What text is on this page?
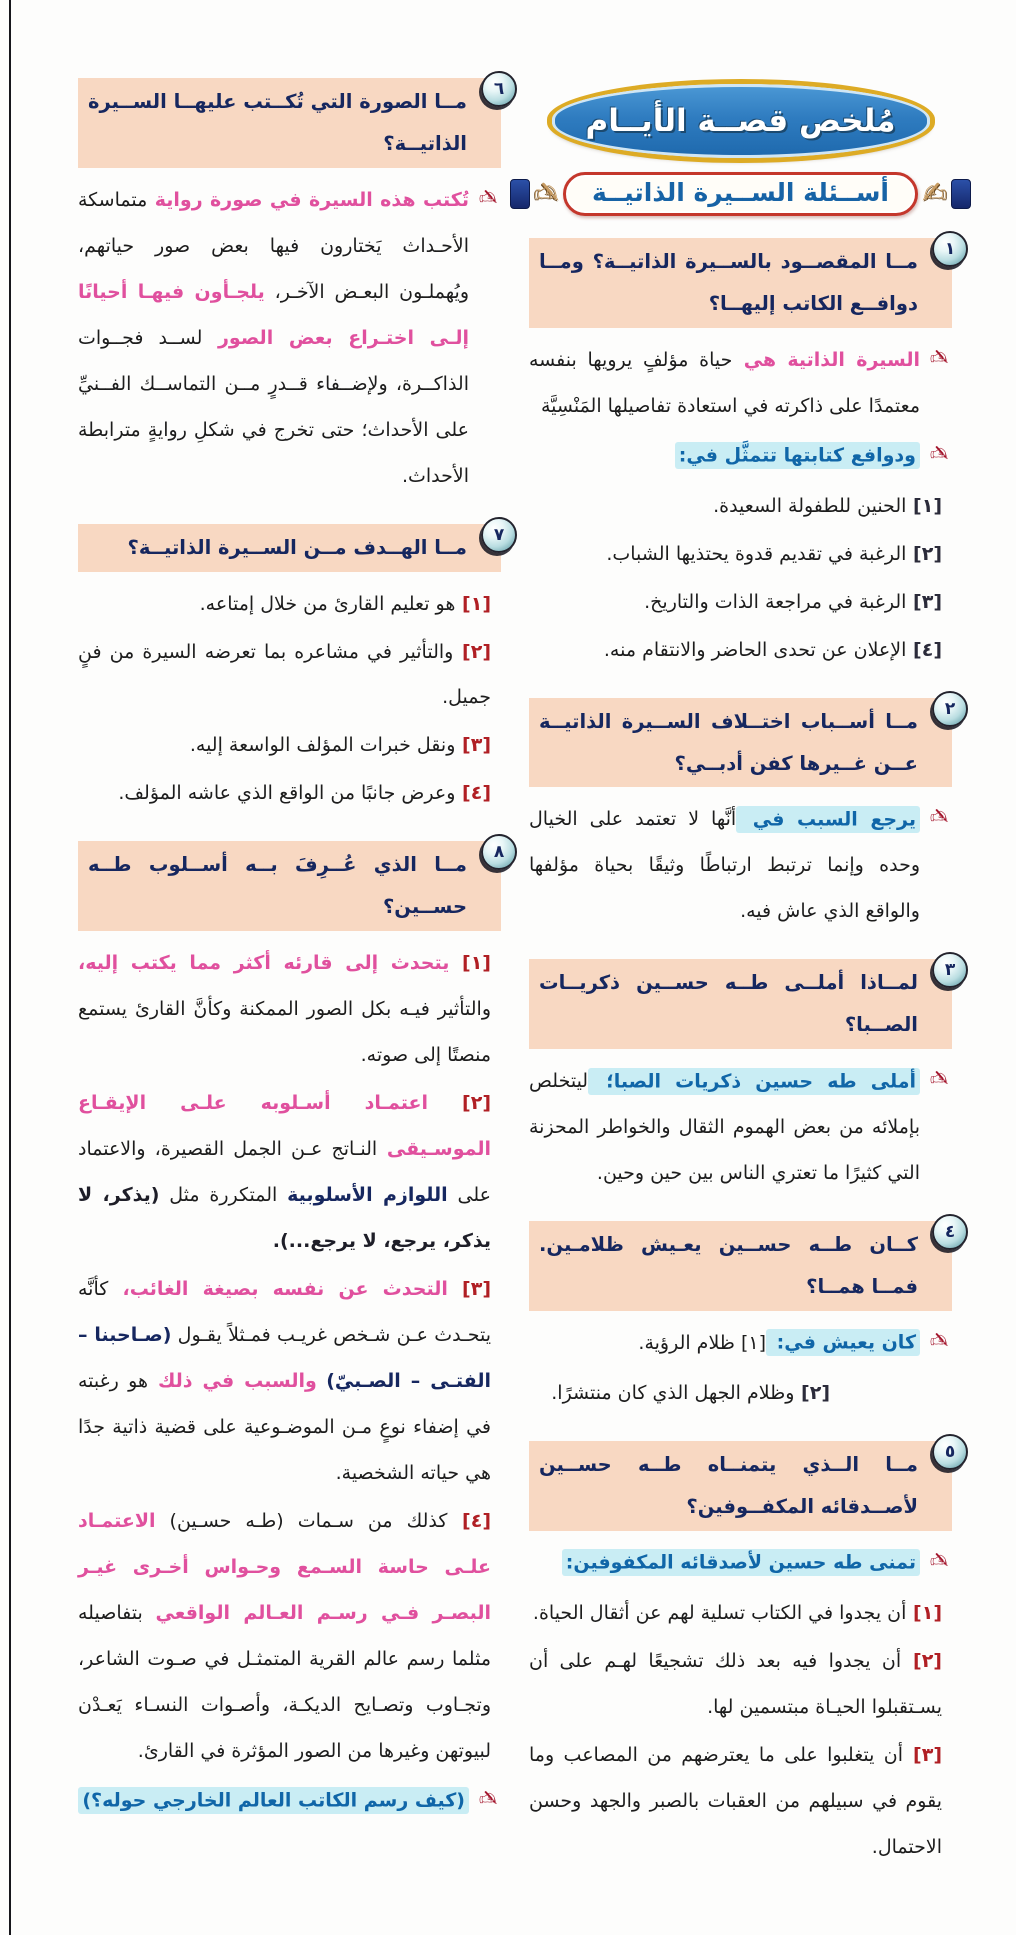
مُلخص قصــة الأيــام
✍
أســئلة الســيرة الذاتيــة
✍
مــا المقصــود بالســيرة الذاتيــة؟ ومــا دوافــع الكاتب إليهــا؟
١
✍

السيرة الذاتية هي حياة مؤلفٍ يرويها بنفسه معتمدًا على ذاكرته في استعادة تفاصيلها المَنْسِيَّة

✍

ودوافع كتابتها تتمثَّل في:

[١] الحنين للطفولة السعيدة.

[٢] الرغبة في تقديم قدوة يحتذيها الشباب.

[٣] الرغبة في مراجعة الذات والتاريخ.

[٤] الإعلان عن تحدى الحاضر والانتقام منه.

مــا أســباب اختــلاف الســيرة الذاتيــة عــن غــيرها كفن أدبــي؟
٢
✍

يرجع السبب في أنَّها لا تعتمد على الخيال وحده وإنما ترتبط ارتباطًا وثيقًا بحياة مؤلفها والواقع الذي عاش فيه.

لمــاذا أملــى طــه حســين ذكريــات الصــبا؟
٣
✍

أملى طه حسين ذكريات الصبا؛ ليتخلص بإملائه من بعض الهموم الثقال والخواطر المحزنة التي كثيرًا ما تعتري الناس بين حين وحين.

كــان طــه حســين يعـيش ظلامـين. فمــا همــا؟
٤
✍

كان يعيش في: [١] ظلام الرؤية.

[٢] وظلام الجهل الذي كان منتشرًا.

مــا الــذي يتمنــاه طــه حســين لأصــدقائه المكفــوفين؟
٥
✍

تمنى طه حسين لأصدقائه المكفوفين:

[١] أن يجدوا في الكتاب تسلية لهم عن أثقال الحياة.

[٢] أن يجدوا فيه بعد ذلك تشجيعًا لهـم على أن يسـتقبلوا الحيـاة مبتسمين لها.

[٣] أن يتغلبوا على ما يعترضهم من المصاعب وما يقوم في سبيلهم من العقبات بالصبر والجهد وحسن الاحتمال.

مــا الصورة التي تُكــتب عليهــا الســيرة الذاتيــة؟
٦
✍

تُكتب هذه السيرة في صورة رواية متماسكة الأحـداث يَختارون فيها بعض صور حياتهم، ويُهملـون البعـض الآخـر، يلجـأون فيهـا أحيانًا إلـى اختـراع بعض الصور لســد فجــوات الذاكــرة، ولإضــفاء قــدرٍ مــن التماســك الفــنيِّ على الأحداث؛ حتى تخرج في شكلِ روايةٍ مترابطة الأحداث.

مــا الهــدف مــن الســيرة الذاتيــة؟
٧

[١] هو تعليم القارئ من خلال إمتاعه.

[٢] والتأثير في مشاعره بما تعرضه السيرة من فنٍ جميل.

[٣] ونقل خبرات المؤلف الواسعة إليه.

[٤] وعرض جانبًا من الواقع الذي عاشه المؤلف.

مــا الذي عُــرِفَ بــه أســلوب طــه حســين؟
٨

[١] يتحدث إلى قارئه أكثر مما يكتب إليه، والتأثير فيـه بكل الصور الممكنة وكأنَّ القارئ يستمع منصتًا إلى صوته.

[٢] اعتمـاد أسـلوبه علـى الإيقـاع الموسـيقى النـاتج عـن الجمل القصيرة، والاعتماد على اللوازم الأسلوبية المتكررة مثل (يذكر، لا يذكر، يرجع، لا يرجع...).

[٣] التحدث عن نفسه بصيغة الغائب، كأنَّه يتحـدث عـن شـخص غريـب فمـثلاً يقـول (صـاحبنا – الفتـى – الصـبيّ) والسبب في ذلك هو رغبته في إضفاء نوعٍ مـن الموضـوعية على قضية ذاتية جدًا هي حياته الشخصية.

[٤] كذلك من سـمات (طـه حسـين) الاعتمـاد علـى حاسة السـمع وحـواس أخـرى غيـر البصـر فـي رسـم العـالم الواقعي بتفاصيله مثلما رسم عالم القرية المتمثـل في صـوت الشاعر، وتجـاوب وتصـايح الديكـة، وأصـوات النسـاء يَعـدْن لبيوتهن وغيرها من الصور المؤثرة في القارئ.

✍

(كيف رسم الكاتب العالم الخارجي حوله؟)
